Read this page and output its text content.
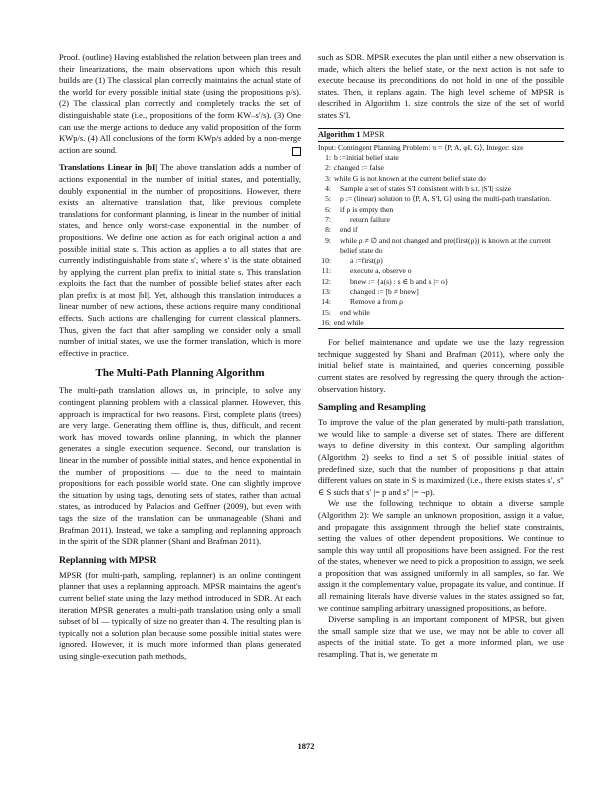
Proof. (outline) Having established the relation between plan trees and their linearizations, the main observations upon which this result builds are (1) The classical plan correctly maintains the actual state of the world for every possible initial state (using the propositions p/s). (2) The classical plan correctly and completely tracks the set of distinguishable state (i.e., propositions of the form KW–s′/s). (3) One can use the merge actions to deduce any valid proposition of the form KWp/s. (4) All conclusions of the form KWp/s added by a non-merge action are sound.

Translations Linear in |bI| The above translation adds a number of actions exponential in the number of initial states, and potentially, doubly exponential in the number of propositions. However, there exists an alternative translation that, like previous complete translations for conformant planning, is linear in the number of initial states, and hence only worst-case exponential in the number of propositions. We define one action as for each original action a and possible initial state s. This action as applies a to all states that are currently indistinguishable from state s′, where s′ is the state obtained by applying the current plan prefix to initial state s. This translation exploits the fact that the number of possible belief states after each plan prefix is at most |bI|. Yet, although this translation introduces a linear number of new actions, these actions require many conditional effects. Such actions are challenging for current classical planners. Thus, given the fact that after sampling we consider only a small number of initial states, we use the former translation, which is more effective in practice.

The Multi-Path Planning Algorithm

The multi-path translation allows us, in principle, to solve any contingent planning problem with a classical planner. However, this approach is impractical for two reasons. First, complete plans (trees) are very large. Generating them offline is, thus, difficult, and recent work has moved towards online planning, in which the planner generates a single execution sequence. Second, our translation is linear in the number of possible initial states, and hence exponential in the number of propositions — due to the need to maintain propositions for each possible world state. One can slightly improve the situation by using tags, denoting sets of states, rather than actual states, as introduced by Palacios and Geffner (2009), but even with tags the size of the translation can be unmanageable (Shani and Brafman 2011). Instead, we take a sampling and replanning approach in the spirit of the SDR planner (Shani and Brafman 2011).

Replanning with MPSR

MPSR (for multi-path, sampling, replanner) is an online contingent planner that uses a replanning approach. MPSR maintains the agent's current belief state using the lazy method introduced in SDR. At each iteration MPSR generates a multi-path translation using only a small subset of bI — typically of size no greater than 4. The resulting plan is typically not a solution plan because some possible initial states were ignored. However, it is much more informed than plans generated using single-execution path methods,

such as SDR. MPSR executes the plan until either a new observation is made, which alters the belief state, or the next action is not safe to execute because its preconditions do not hold in one of the possible states. Then, it replans again. The high level scheme of MPSR is described in Algorithm 1. size controls the size of the set of world states S′I.

Algorithm 1 MPSR
Input: Contingent Planning Problem: π = ⟨P, A, φI, G⟩, Integer: size
1: b :=initial belief state
2: changed := false
3: while G is not known at the current belief state do
4:	Sample a set of states S′I consistent with b s.t. |S′I| ≤size
5:	ρ := (linear) solution to ⟨P, A, S′I, G⟩ using the multi-path translation.
6:	if ρ is empty then
7:	return failure
8:	end if
9:	while ρ ≠ ∅ and not changed and pre(first(ρ)) is known at the current belief state do
10:	a :=first(ρ)
11:	execute a, observe o
12:	bnew := {a(s) : s ∈ b and s |= o}
13:	changed := [b ≠ bnew]
14:	Remove a from ρ
15:	end while
16: end while

For belief maintenance and update we use the lazy regression technique suggested by Shani and Brafman (2011), where only the initial belief state is maintained, and queries concerning possible current states are resolved by regressing the query through the action-observation history.

Sampling and Resampling

To improve the value of the plan generated by multi-path translation, we would like to sample a diverse set of states. There are different ways to define diversity in this context. Our sampling algorithm (Algorithm 2) seeks to find a set S of possible initial states of predefined size, such that the number of propositions p that attain different values on state in S is maximized (i.e., there exists states s′, s″ ∈ S such that s′ |= p and s″ |= ¬p).

We use the following technique to obtain a diverse sample (Algorithm 2): We sample an unknown proposition, assign it a value, and propagate this assignment through the belief state constraints, setting the values of other dependent propositions. We continue to sample this way until all propositions have been assigned. For the rest of the states, whenever we need to pick a proposition to assign, we seek a proposition that was assigned uniformly in all samples, so far. We assign it the complementary value, propagate its value, and continue. If all remaining literals have diverse values in the states assigned so far, we continue sampling arbitrary unassigned propositions, as before.

Diverse sampling is an important component of MPSR, but given the small sample size that we use, we may not be able to cover all aspects of the initial state. To get a more informed plan, we use resampling. That is, we generate m

1872
